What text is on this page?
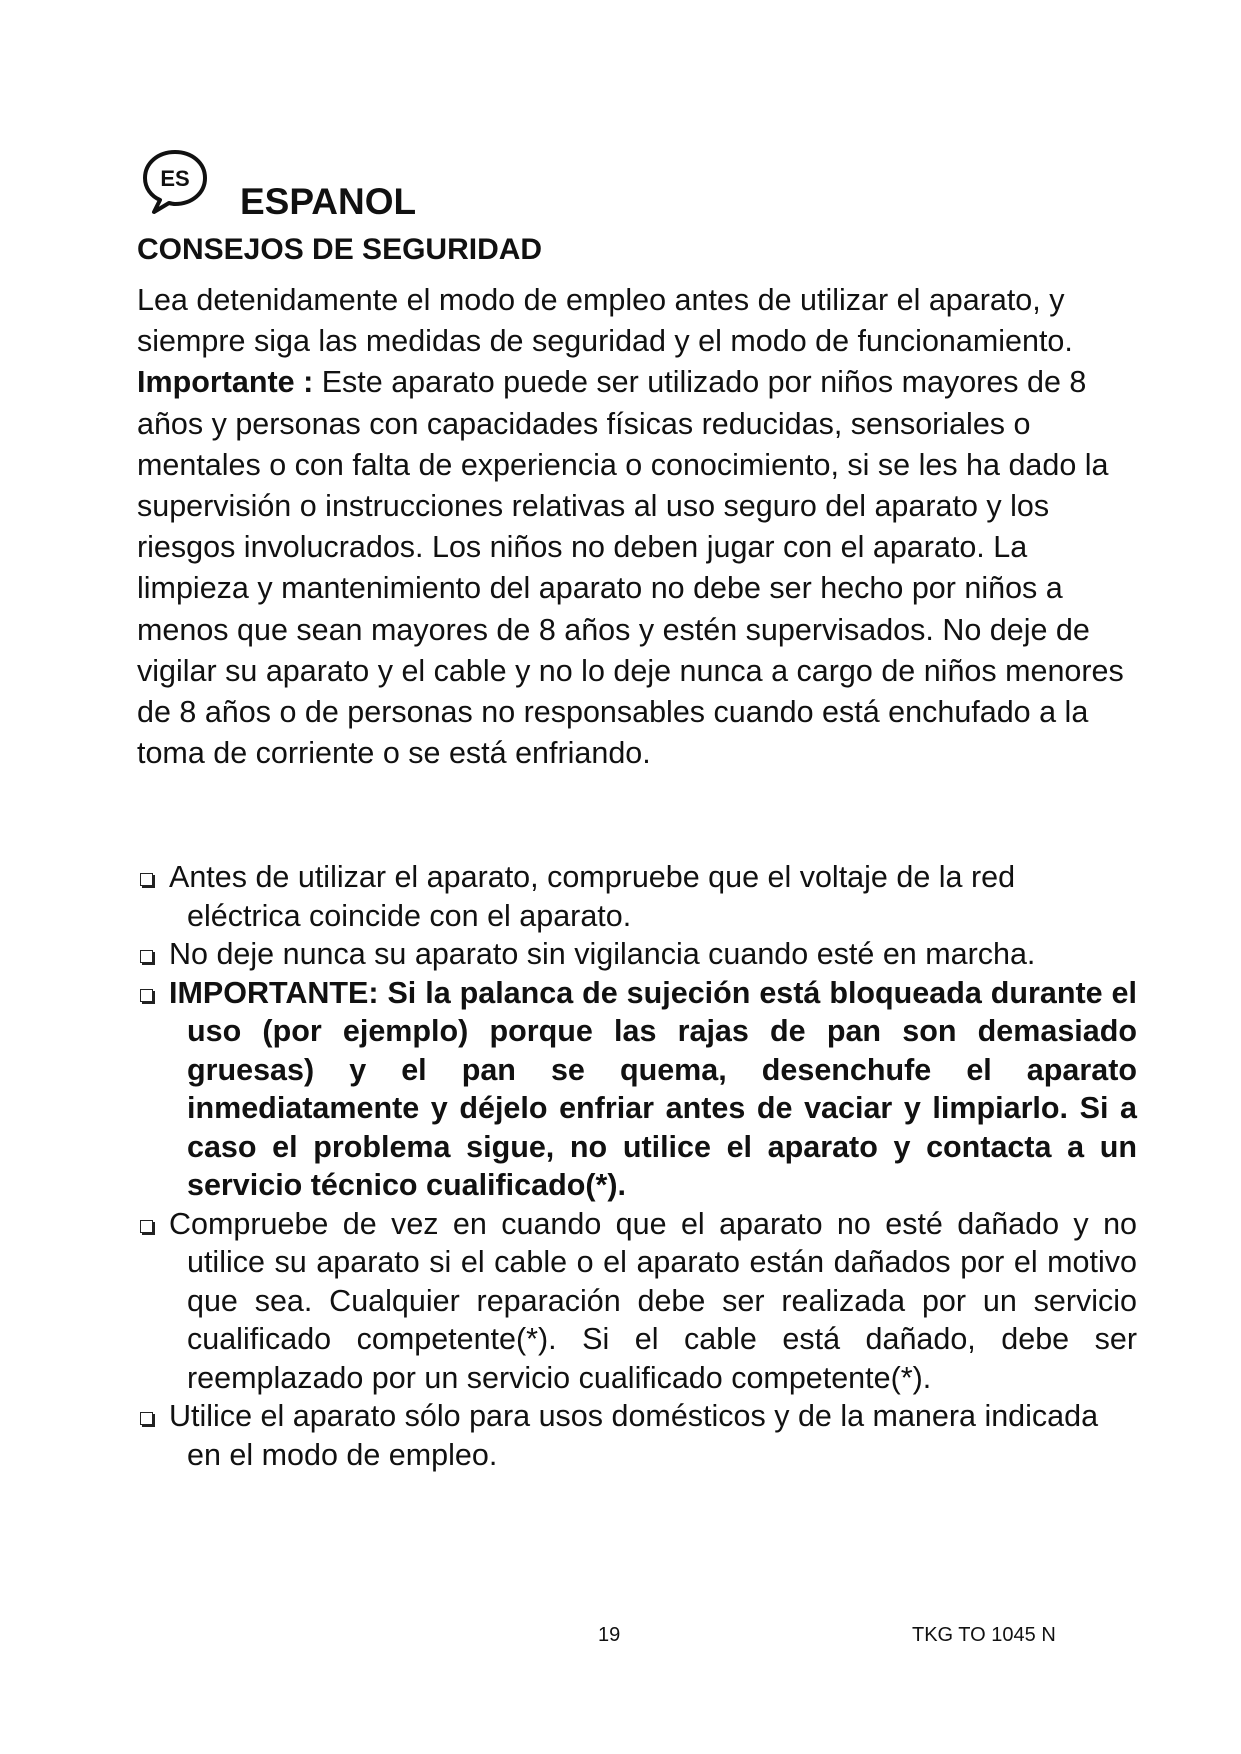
ES
ESPANOL
CONSEJOS DE SEGURIDAD

Lea detenidamente el modo de empleo antes de utilizar el aparato, y siempre siga las medidas de seguridad y el modo de funcionamiento.

Importante : Este aparato puede ser utilizado por niños mayores de 8 años y personas con capacidades físicas reducidas, sensoriales o mentales o con falta de experiencia o conocimiento, si se les ha dado la supervisión o instrucciones relativas al uso seguro del aparato y los riesgos involucrados. Los niños no deben jugar con el aparato. La limpieza y mantenimiento del aparato no debe ser hecho por niños a menos que sean mayores de 8 años y estén supervisados. No deje de vigilar su aparato y el cable y no lo deje nunca a cargo de niños menores de 8 años o de personas no responsables cuando está enchufado a la toma de corriente o se está enfriando.

Antes de utilizar el aparato, compruebe que el voltaje de la red eléctrica coincide con el aparato.
No deje nunca su aparato sin vigilancia cuando esté en marcha.
IMPORTANTE: Si la palanca de sujeción está bloqueada durante el uso (por ejemplo) porque las rajas de pan son demasiado gruesas) y el pan se quema, desenchufe el aparato inmediatamente y déjelo enfriar antes de vaciar y limpiarlo. Si a caso el problema sigue, no utilice el aparato y contacta a un servicio técnico cualificado(*).
Compruebe de vez en cuando que el aparato no esté dañado y no utilice su aparato si el cable o el aparato están dañados por el motivo que sea. Cualquier reparación debe ser realizada por un servicio cualificado competente(*). Si el cable está dañado, debe ser reemplazado por un servicio cualificado competente(*).
Utilice el aparato sólo para usos domésticos y de la manera indicada en el modo de empleo.
19	TKG TO 1045 N
